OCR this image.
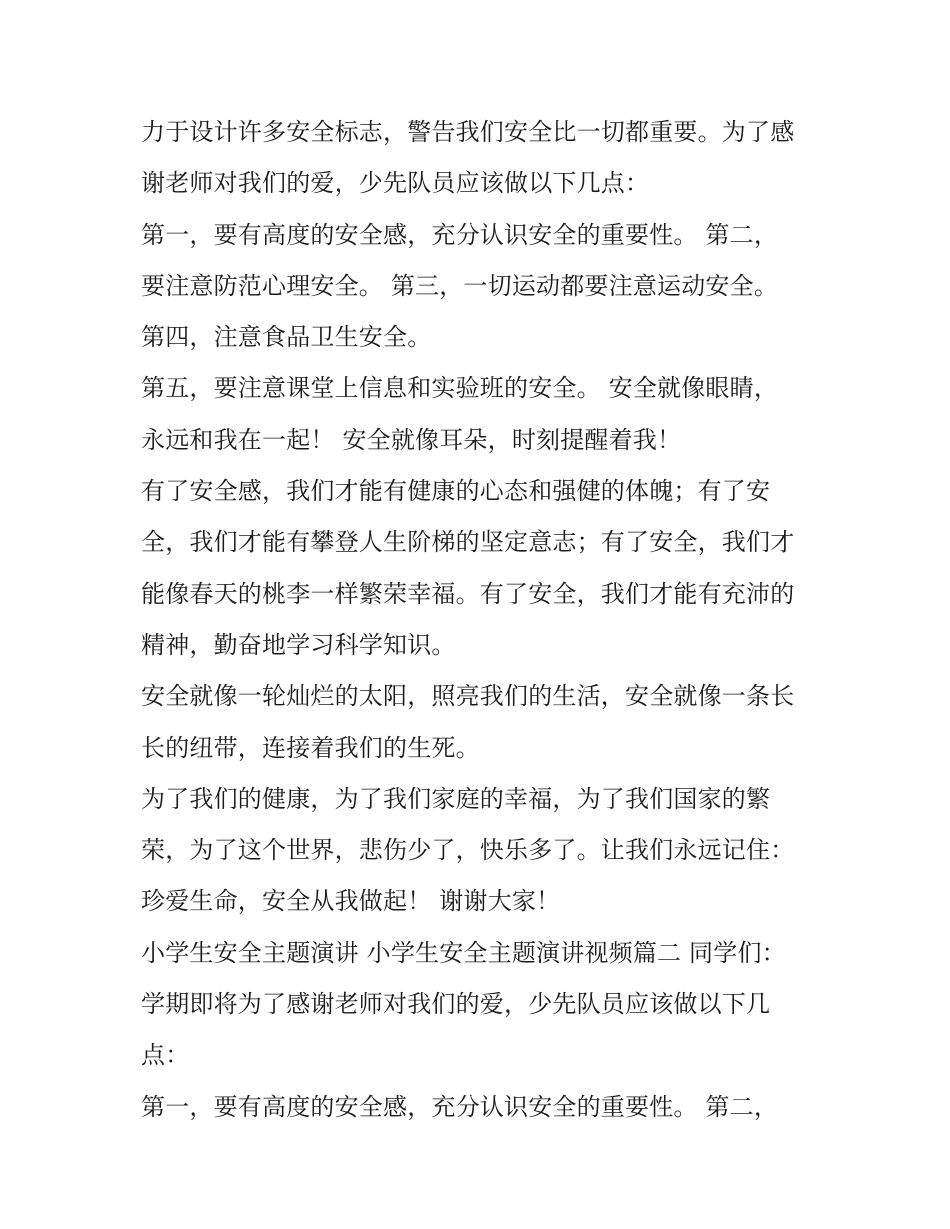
力于设计许多安全标志，警告我们安全比一切都重要。为了感
谢老师对我们的爱，少先队员应该做以下几点：
第一，要有高度的安全感，充分认识安全的重要性。 第二，
要注意防范心理安全。 第三，一切运动都要注意运动安全。
第四，注意食品卫生安全。
第五，要注意课堂上信息和实验班的安全。 安全就像眼睛，
永远和我在一起！ 安全就像耳朵，时刻提醒着我！
有了安全感，我们才能有健康的心态和强健的体魄；有了安
全，我们才能有攀登人生阶梯的坚定意志；有了安全，我们才
能像春天的桃李一样繁荣幸福。有了安全，我们才能有充沛的
精神，勤奋地学习科学知识。
安全就像一轮灿烂的太阳，照亮我们的生活，安全就像一条长
长的纽带，连接着我们的生死。
为了我们的健康，为了我们家庭的幸福，为了我们国家的繁
荣，为了这个世界，悲伤少了，快乐多了。让我们永远记住：
珍爱生命，安全从我做起！ 谢谢大家！
小学生安全主题演讲 小学生安全主题演讲视频篇二 同学们：
学期即将为了感谢老师对我们的爱，少先队员应该做以下几
点：
第一，要有高度的安全感，充分认识安全的重要性。 第二，
